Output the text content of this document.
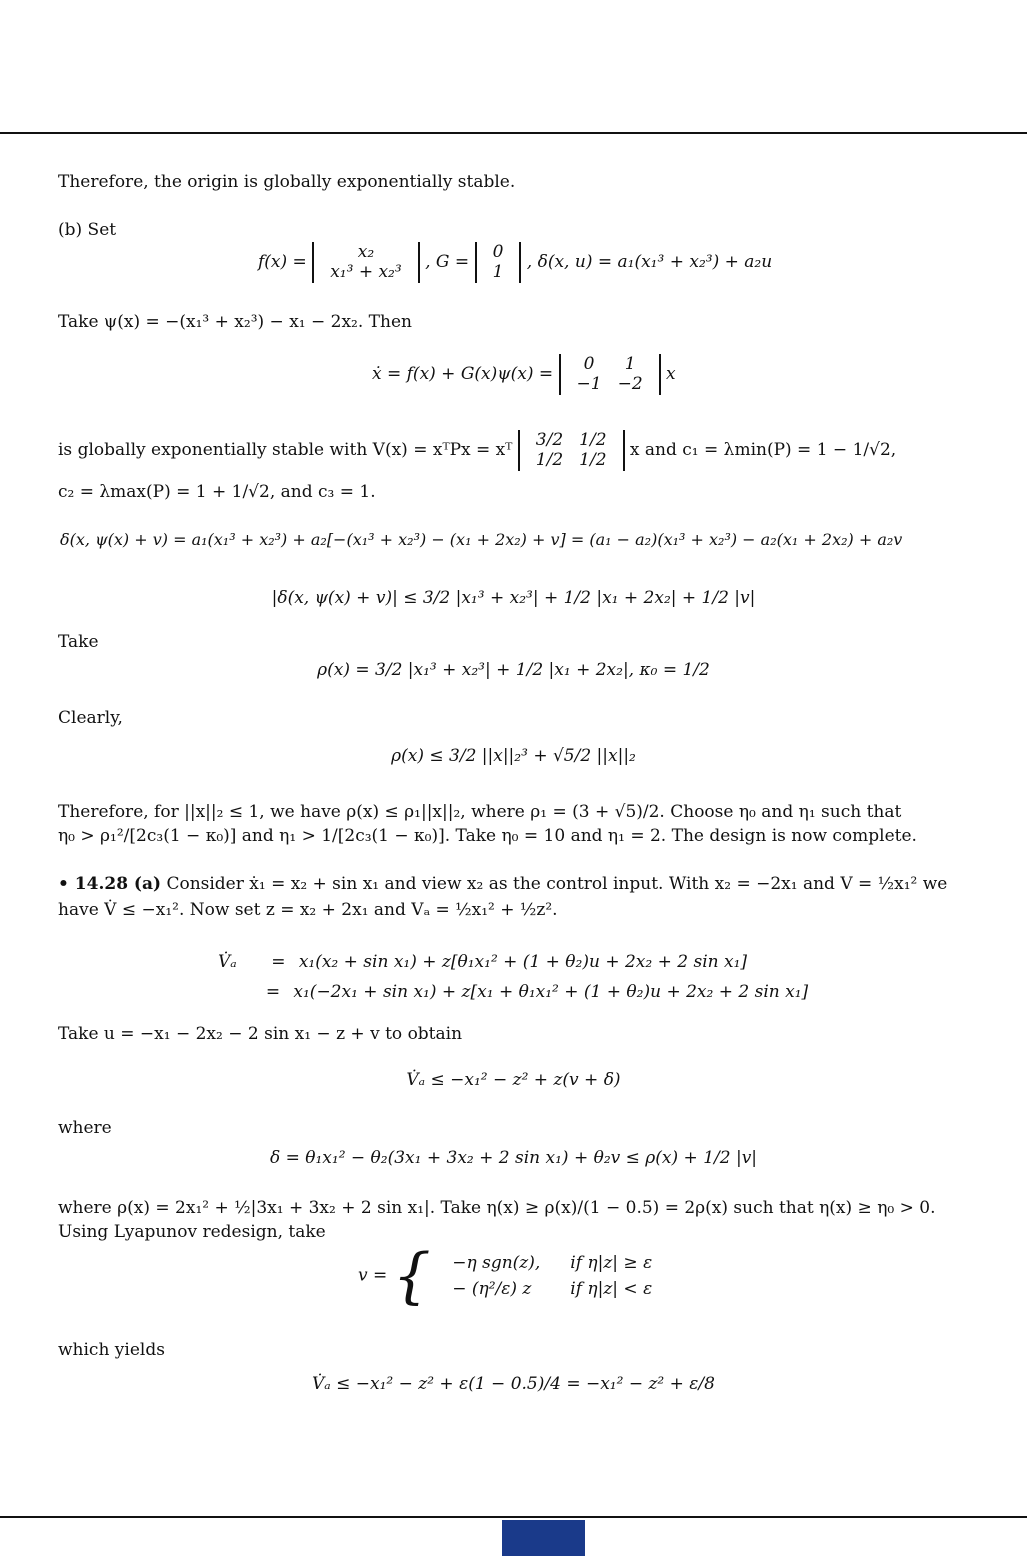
Therefore, the origin is globally exponentially stable.
(b) Set
f(x) =	x₂
x₁³ + x₂³
, G = 0
1
, δ(x, u) = a₁(x₁³ + x₂³) + a₂u
Take ψ(x) = −(x₁³ + x₂³) − x₁ − 2x₂. Then
ẋ = f(x) + G(x)ψ(x) = 0	1
−1	−2
x
is globally exponentially stable with V(x) = xᵀPx = xᵀ 3/2	1/2
1/2	1/2
x and c₁ = λmin(P) = 1 − 1/√2,
c₂ = λmax(P) = 1 + 1/√2, and c₃ = 1.
δ(x, ψ(x) + v) = a₁(x₁³ + x₂³) + a₂[−(x₁³ + x₂³) − (x₁ + 2x₂) + v] = (a₁ − a₂)(x₁³ + x₂³) − a₂(x₁ + 2x₂) + a₂v
|δ(x, ψ(x) + v)| ≤ 3/2 |x₁³ + x₂³| + 1/2 |x₁ + 2x₂| + 1/2 |v|
Take
ρ(x) = 3/2 |x₁³ + x₂³| + 1/2 |x₁ + 2x₂|, κ₀ = 1/2
Clearly,
ρ(x) ≤ 3/2 ||x||₂³ + √5/2 ||x||₂
Therefore, for ||x||₂ ≤ 1, we have ρ(x) ≤ ρ₁||x||₂, where ρ₁ = (3 + √5)/2. Choose η₀ and η₁ such that
η₀ > ρ₁²/[2c₃(1 − κ₀)] and η₁ > 1/[2c₃(1 − κ₀)]. Take η₀ = 10 and η₁ = 2. The design is now complete.
• 14.28 (a) Consider ẋ₁ = x₂ + sin x₁ and view x₂ as the control input. With x₂ = −2x₁ and V = ½x₁² we
have V̇ ≤ −x₁². Now set z = x₂ + 2x₁ and Vₐ = ½x₁² + ½z².
V̇ₐ = x₁(x₂ + sin x₁) + z[θ₁x₁² + (1 + θ₂)u + 2x₂ + 2 sin x₁]
= x₁(−2x₁ + sin x₁) + z[x₁ + θ₁x₁² + (1 + θ₂)u + 2x₂ + 2 sin x₁]
Take u = −x₁ − 2x₂ − 2 sin x₁ − z + v to obtain
V̇ₐ ≤ −x₁² − z² + z(v + δ)
where
δ = θ₁x₁² − θ₂(3x₁ + 3x₂ + 2 sin x₁) + θ₂v ≤ ρ(x) + 1/2 |v|
where ρ(x) = 2x₁² + ½|3x₁ + 3x₂ + 2 sin x₁|. Take η(x) ≥ ρ(x)/(1 − 0.5) = 2ρ(x) such that η(x) ≥ η₀ > 0.
Using Lyapunov redesign, take
v = { −η sgn(z),	if η|z| ≥ ε
− (η²/ε) z	if η|z| < ε
which yields
V̇ₐ ≤ −x₁² − z² + ε(1 − 0.5)/4 = −x₁² − z² + ε/8
